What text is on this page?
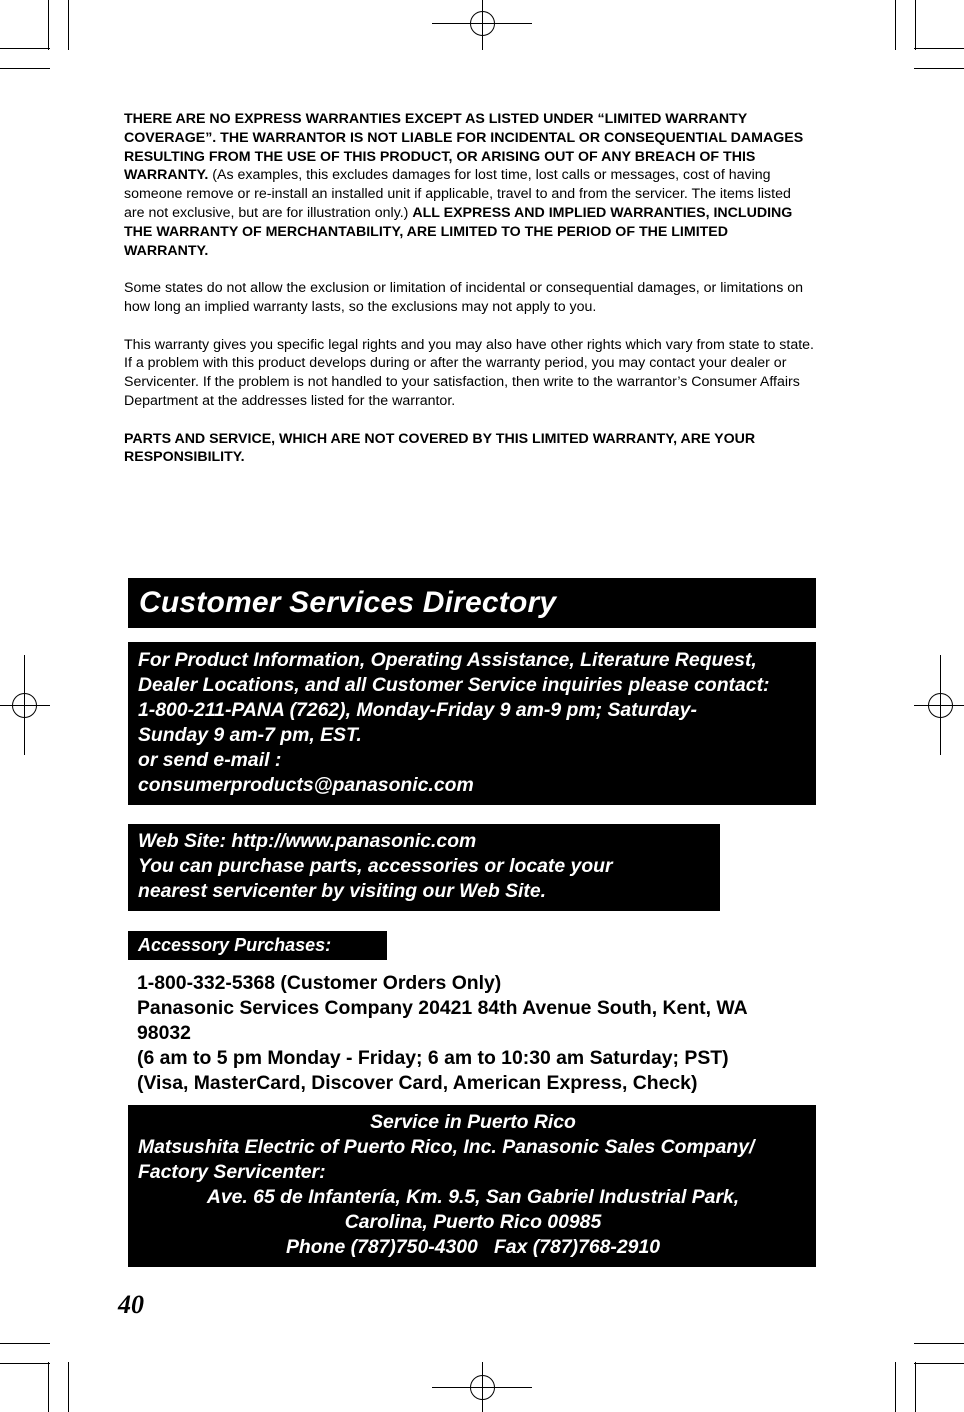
THERE ARE NO EXPRESS WARRANTIES EXCEPT AS LISTED UNDER “LIMITED WARRANTY COVERAGE”. THE WARRANTOR IS NOT LIABLE FOR INCIDENTAL OR CONSEQUENTIAL DAMAGES RESULTING FROM THE USE OF THIS PRODUCT, OR ARISING OUT OF ANY BREACH OF THIS WARRANTY. (As examples, this excludes damages for lost time, lost calls or messages, cost of having someone remove or re-install an installed unit if applicable, travel to and from the servicer. The items listed are not exclusive, but are for illustration only.) ALL EXPRESS AND IMPLIED WARRANTIES, INCLUDING THE WARRANTY OF MERCHANTABILITY, ARE LIMITED TO THE PERIOD OF THE LIMITED WARRANTY.

Some states do not allow the exclusion or limitation of incidental or consequential damages, or limitations on how long an implied warranty lasts, so the exclusions may not apply to you.

This warranty gives you specific legal rights and you may also have other rights which vary from state to state. If a problem with this product develops during or after the warranty period, you may contact your dealer or Servicenter. If the problem is not handled to your satisfaction, then write to the warrantor’s Consumer Affairs Department at the addresses listed for the warrantor.

PARTS AND SERVICE, WHICH ARE NOT COVERED BY THIS LIMITED WARRANTY, ARE YOUR RESPONSIBILITY.

Customer Services Directory
For Product Information, Operating Assistance, Literature Request,
Dealer Locations, and all Customer Service inquiries please contact:
1-800-211-PANA (7262), Monday-Friday 9 am-9 pm; Saturday-
Sunday 9 am-7 pm, EST.
or send e-mail :
consumerproducts@panasonic.com
Web Site: http://www.panasonic.com
You can purchase parts, accessories or locate your
nearest servicenter by visiting our Web Site.
Accessory Purchases:
1-800-332-5368 (Customer Orders Only)
Panasonic Services Company 20421 84th Avenue South, Kent, WA
98032
(6 am to 5 pm Monday - Friday; 6 am to 10:30 am Saturday; PST)
(Visa, MasterCard, Discover Card, American Express, Check)
Service in Puerto Rico
Matsushita Electric of Puerto Rico, Inc. Panasonic Sales Company/
Factory Servicenter:
Ave. 65 de Infantería, Km. 9.5, San Gabriel Industrial Park,
Carolina, Puerto Rico 00985
Phone (787)750-4300   Fax (787)768-2910
40
